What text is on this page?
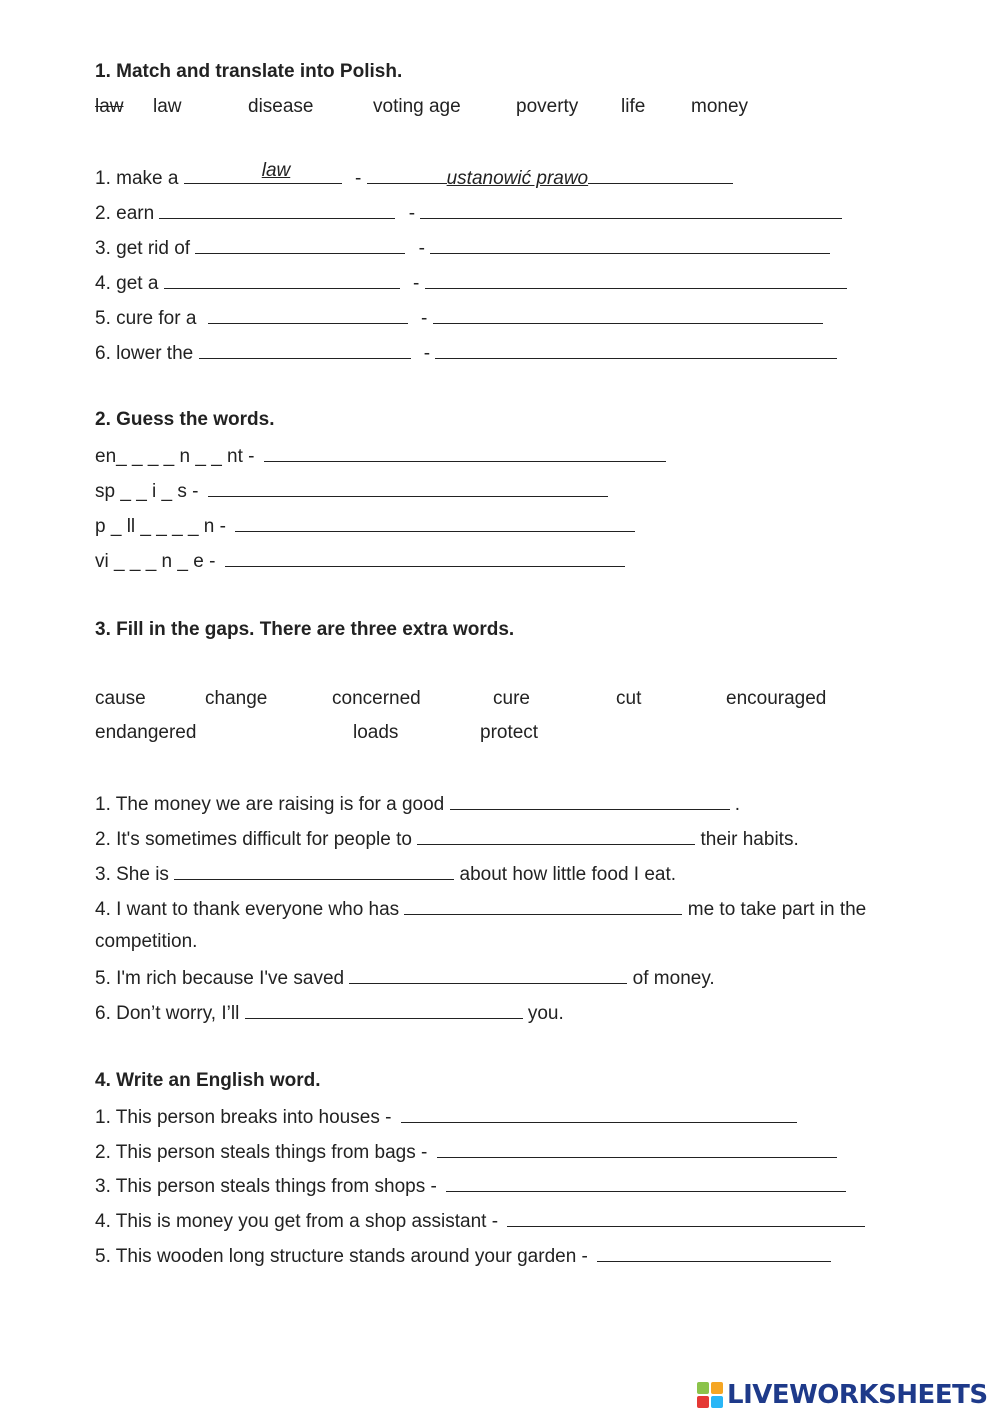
1. Match and translate into Polish.
law law	disease	voting age	poverty life money
1. make a	law	-	ustanowić prawo
2. earn	-
3. get rid of	-
4. get a	-
5. cure for a	-
6. lower the	-
2. Guess the words.
en_ _ _ _ n _ _ nt -
sp _ _ i _ s -
p _ ll _ _ _ _ n -
vi _ _ _ n _ e -
3. Fill in the gaps. There are three extra words.
cause	change	concerned	cure	cut	encouraged
endangered	loads	protect
1. The money we are raising is for a good	.
2. It's sometimes difficult for people to	their habits.
3. She is	about how little food I eat.
4. I want to thank everyone who has	me to take part in the
competition.
5. I'm rich because I've saved	of money.
6. Don’t worry, I’ll	you.
4. Write an English word.
1. This person breaks into houses -
2. This person steals things from bags -
3. This person steals things from shops -
4. This is money you get from a shop assistant -
5. This wooden long structure stands around your garden -
LIVEWORKSHEETS
